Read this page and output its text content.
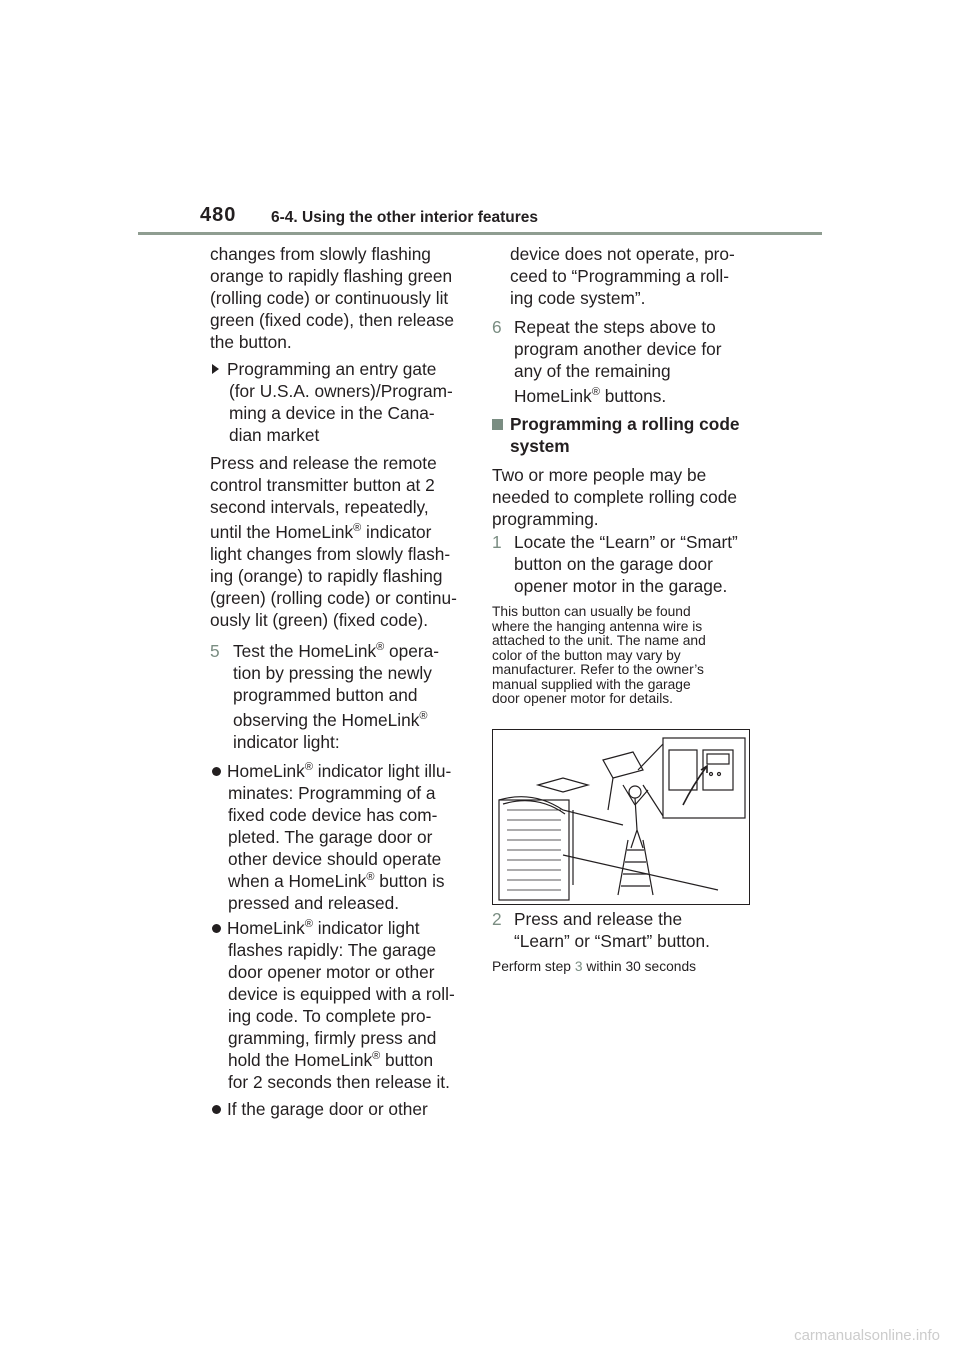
480 6-4. Using the other interior features
changes from slowly flashing
orange to rapidly flashing green
(rolling code) or continuously lit
green (fixed code), then release
the button.
Programming an entry gate
(for U.S.A. owners)/Program-
ming a device in the Cana-
dian market
Press and release the remote
control transmitter button at 2
second intervals, repeatedly,
until the HomeLink® indicator
light changes from slowly flash-
ing (orange) to rapidly flashing
(green) (rolling code) or continu-
ously lit (green) (fixed code).
5 Test the HomeLink® opera-
tion by pressing the newly
programmed button and
observing the HomeLink®
indicator light:
HomeLink® indicator light illu-
minates: Programming of a
fixed code device has com-
pleted. The garage door or
other device should operate
when a HomeLink® button is
pressed and released.
HomeLink® indicator light
flashes rapidly: The garage
door opener motor or other
device is equipped with a roll-
ing code. To complete pro-
gramming, firmly press and
hold the HomeLink® button
for 2 seconds then release it.
If the garage door or other
device does not operate, pro-
ceed to “Programming a roll-
ing code system”.
6 Repeat the steps above to
program another device for
any of the remaining
HomeLink® buttons.
Programming a rolling code
system
Two or more people may be
needed to complete rolling code
programming.
1 Locate the “Learn” or “Smart”
button on the garage door
opener motor in the garage.
This button can usually be found
where the hanging antenna wire is
attached to the unit. The name and
color of the button may vary by
manufacturer. Refer to the owner’s
manual supplied with the garage
door opener motor for details.
2 Press and release the
“Learn” or “Smart” button.
Perform step 3 within 30 seconds
carmanualsonline.info
